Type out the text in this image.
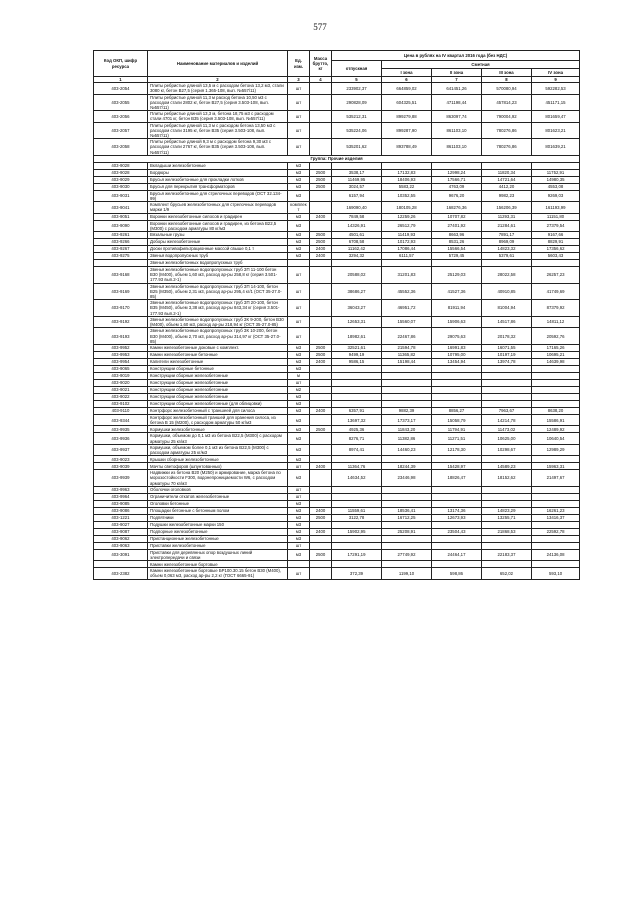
577
Код ОКП, шифр ресурса	Наименование материалов и изделий	Ед. изм.	Масса брутто, кг	Цена в рублях на IV квартал 2016 года (без НДС)				
				отпускная	Сметная			
					I зона	II зона	III зона	IV зона
1	2	3	4	5	6	7	8	9
403-2054	Плиты ребристые длиной 13,5 м с расходом бетона 13,2 м3, стали 3080 кг, бетон В27,5 (серия 1.365-108, вып. №557/11)	шт		233902,37	664859,02	641451,26	570080,94	592282,53
403-2055	Плиты ребристые длиной 11,3 м расход бетона 10,50 м3 с расходом стали 2802 кг, бетон В27,5 (серия 3.503-108, вып. №557/11)	шт		290828,09	604325,51	471198,44	457814,23	451171,15
403-2056	Плиты ребристые длиной 13,3 м, бетона 18,75 м3 с расходом стали 4701 кг, бетон В35 (серия 3.503-108, вып. №557/11)	шт		535212,31	899279,88	863097,74	790004,92	801659,47
403-2057	Плиты ребристые длиной 11,3 м с расходом бетона 13,50 м3 с расходом стали 3195 кг, бетон В35 (серия 3.503-108, вып. №557/11)	шт		535224,06	899287,90	861103,10	780276,86	801623,21
403-2058	Плиты ребристые длиной 9,3 м с расходом бетона 9,30 м3 с расходом стали 2767 кг, бетон В35 (серия 3.503-108, вып. №557/11)	шт		535201,62	893788,49	861103,10	780276,86	801639,21
Группа: Прочие изделия								
403-9028	Вкладыши железобетонные	м3						
403-9028	Бордюры	м3	2500	3538,17	17132,83	12998,24	11820,34	11752,91
403-9029	Брусья железобетонные для прокладки лотков	м3	2500	11469,95	18406,93	17566,71	14721,64	14980,35
403-9030	Брусья для перекрытия трансформаторов	м3	2500	3024,57	5583,22	4763,09	4412,20	4553,08
403-9031	Брусья железобетонные для стрелочных переводов (ОСТ 32.134-99)	м3		6157,94	10352,55	9676,20	9982,23	9269,03
403-9041	Комплект брусьев железобетонных для стрелочных переводов марки 1/9	комплект		169090,40	180105,28	168276,36	156206,39	161193,99
403-9051	Воронки железобетонные силосов и градирен	м3	2400	7849,58	12259,26	10707,82	11293,31	11151,80
403-9090	Воронки железобетонные силосов и градирен, из бетона В22,5 (М300) с расходом арматуры 80 кг/м3	м3		14326,91	26512,79	27401,92	21284,61	27379,54
403-9261	Вязальные грузы	м3	2500	4501,61	11419,93	8663,96	7891,17	9167,66
403-9266	Доборы железобетонные	м3	2500	6708,58	10172,93	8531,26	8969,09	8829,91
403-9267	Доски противофильтрационные массой свыше 0,1 т	м3	2400	11162,42	17086,44	15566,54	14823,32	17356,62
403-9275	Звенья водопропускных труб	м3	2400	3294,32	6111,57	5729,45	5379,61	5603,43
	Звенья железобетонных водопропускных труб							
403-9168	Звенья железобетонные водопропускных труб ЗП 11-100 бетон В30 (М400), объем 1,60 м3, расход ар-ры 258,8 кг (серия 3.501-177.93 вып.2-1)	шт		20588,02	31201,83	25129,03	28022,58	26257,23
403-9169	Звенья железобетонные водопропускных труб ЗП 14-100, бетон В25 (М350), объем 2,31 м3, расход ар-ры 295,4 кг/1 (ОСТ 35-27.0-85)	шт		38686,27	45552,36	41527,36	40910,85	41749,69
403-9170	Звенья железобетонные водопропускных труб ЗП 20-100, бетон В35 (М450), объем 3,38 м3, расход ар-ры 843,34 кг (серия 3.501-177.93 вып.2-1)	шт		36043,27	46951,72	81911,94	81004,94	87379,92
403-9192	Звенья железобетонные водопропускных труб ЗК 9-200, бетон В30 (М400), объем 1,60 м3, расход ар-ры 218,94 кг (ОСТ 35-27.0-85)	шт		12653,31	15560,07	15906,63	14517,86	14811,12
403-9193	Звенья железобетонные водопропускных труб ЗК 10-200, бетон В30 (М400), объем 2,70 м3, расход ар-ры 314,97 кг (ОСТ 35-27.0-85)	шт		18982,61	22467,86	29075,63	20178,32	20592,76
403-9952	Камни железобетонные доковые с комплект.	м3	2500	32521,61	21594,78	16991,83	16071,55	17165,26
403-9953	Камни железобетонные бетонные	м3	2500	9499,19	11365,82	10795,00	10197,19	10695,21
403-9954	Капители железобетонные	м3	2400	9586,15	15198,44	13454,94	13974,78	14639,98
403-9065	Конструкции сборные бетонные	м3						
403-9019	Конструкции сборные железобетонные	м						
403-9020	Конструкции сборные железобетонные	шт						
403-9021	Конструкции сборные железобетонные	м2						
403-9022	Конструкции сборные железобетонные	м3						
403-9102	Конструкции сборные железобетонные (для облицовки)	м3						
403-9110	Контрфорс железобетонный с траншеей для силоса	м3	2400	6357,91	9882,39	8856,27	7963,67	8638,20
403-9344	Контрфорс железобетонный траншей для хранения силоса, из бетона В 15 (М200), с расходом арматуры 50 кг/м3	м3		13697,32	17373,17	15058,79	14214,78	15586,91
403-9935	Кормушки железобетонные	м3	2500	4925,36	11843,20	11794,91	11473,02	12489,92
403-9936	Кормушки, объемом до 0,1 м3 из бетона В22,5 (М300) с расходом арматуры 25 кг/м3	м3		8276,71	11382,86	11271,51	10625,00	10640,54
403-9937	Кормушки, объемом более 0,1 м3 из бетона В22,5 (М300) с расходом арматуры 25 кг/м3	м3		8974,41	14460,23	12178,30	10298,67	12989,29
403-9023	Крышки сборные железобетонные	м3						
403-9039	Мачты светофоров (шпунтованных)	шт	2400	11364,76	18244,39	15428,97	14589,23	15963,31
403-9939	Надвижки из бетона В20 (М250) и армирование, марка бетона по морозостойкости F300, водонепроницаемости W6, с расходом арматуры 70 кг/м3	м3		14634,52	23446,98	18826,47	18152,62	21497,67
403-9963	Оболочки оголовков	шт						
403-9964	Ограничители откатов железобетонные	шт						
403-9085	Оголовки бетонные	м3						
403-9086	Площадки бетонные с бетонным полом	м3	2400	11559,61	18536,41	13174,36	14823,29	16261,23
403-1221	Подпятники	м3	2500	3122,78	16712,25	12673,93	13255,71	13416,37
403-9027	Подушки железобетонные марки 150	м3						
403-9087	Подпорные железобетонные	м3	2400	15902,95	25208,91	23504,43	21868,53	22592,78
403-9062	Пристанционные железобетонные	м3						
403-9063	Приставки железобетонные	шт						
403-3091	Приставки для деревянных опор воздушных линий электропередачи и связи	м3	2500	17291,19	27749,92	24464,17	22183,37	24136,08
	Камни железобетонные бортовые							
403-2382	Камни железобетонные бортовые БР100.30.15 бетон В30 (М400), объем 0,063 м3, расход ар-ры 2,2 кг (ГОСТ 6665-91)	шт		372,39	1199,10	598,86	652,02	593,10
